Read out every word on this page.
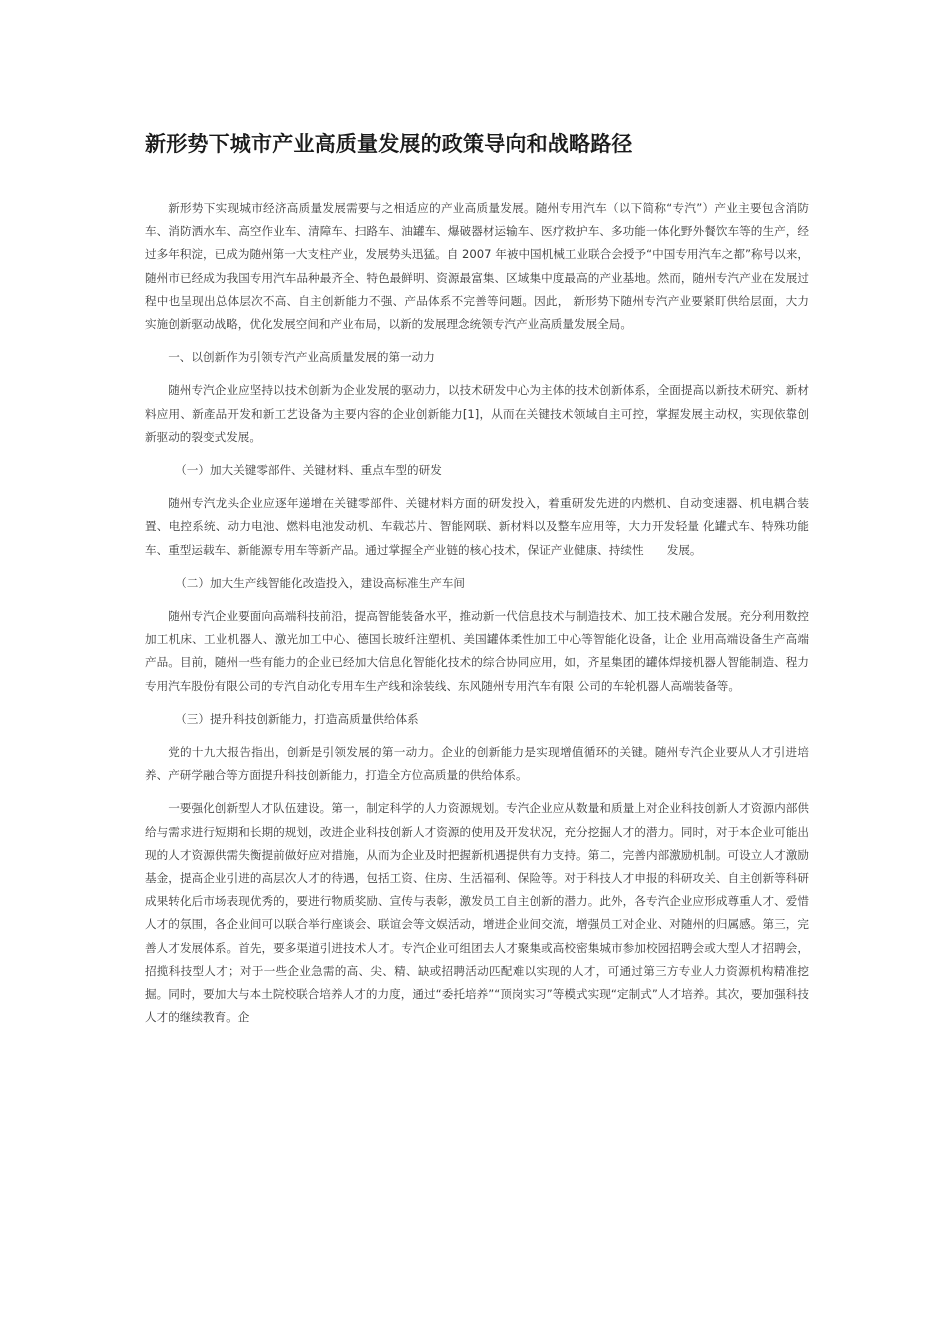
新形势下城市产业高质量发展的政策导向和战略路径

新形势下实现城市经济高质量发展需要与之相适应的产业高质量发展。随州专用汽车（以下简称“专汽”）产业主要包含消防车、消防洒水车、高空作业车、清障车、扫路车、油罐车、爆破器材运输车、医疗救护车、多功能一体化野外餐饮车等的生产，经过多年积淀，已成为随州第一大支柱产业，发展势头迅猛。自 2007 年被中国机械工业联合会授予“中国专用汽车之都”称号以来，随州市已经成为我国专用汽车品种最齐全、特色最鲜明、资源最富集、区域集中度最高的产业基地。然而，随州专汽产业在发展过程中也呈现出总体层次不高、自主创新能力不强、产品体系不完善等问题。因此， 新形势下随州专汽产业要紧盯供给层面，大力实施创新驱动战略，优化发展空间和产业布局，以新的发展理念统领专汽产业高质量发展全局。

一、以创新作为引领专汽产业高质量发展的第一动力

随州专汽企业应坚持以技术创新为企业发展的驱动力，以技术研发中心为主体的技术创新体系，全面提高以新技术研究、新材料应用、新產品开发和新工艺设备为主要内容的企业创新能力[1]，从而在关键技术领域自主可控，掌握发展主动权，实现依靠创新驱动的裂变式发展。

（一）加大关键零部件、关键材料、重点车型的研发

随州专汽龙头企业应逐年递增在关键零部件、关键材料方面的研发投入，着重研发先进的内燃机、自动变速器、机电耦合装置、电控系统、动力电池、燃料电池发动机、车载芯片、智能网联、新材料以及整车应用等，大力开发轻量 化罐式车、特殊功能车、重型运载车、新能源专用车等新产品。通过掌握全产业链的核心技术，保证产业健康、持续性　　发展。

（二）加大生产线智能化改造投入，建设高标准生产车间

随州专汽企业要面向高端科技前沿，提高智能装备水平，推动新一代信息技术与制造技术、加工技术融合发展。充分利用数控加工机床、工业机器人、激光加工中心、德国长玻纤注塑机、美国罐体柔性加工中心等智能化设备，让企 业用高端设备生产高端产品。目前，随州一些有能力的企业已经加大信息化智能化技术的综合协同应用，如，齐星集团的罐体焊接机器人智能制造、程力专用汽车股份有限公司的专汽自动化专用车生产线和涂装线、东风随州专用汽车有限 公司的车轮机器人高端装备等。

（三）提升科技创新能力，打造高质量供给体系

党的十九大报告指出，创新是引领发展的第一动力。企业的创新能力是实现增值循环的关键。随州专汽企业要从人才引进培养、产研学融合等方面提升科技创新能力，打造全方位高质量的供给体系。

一要强化创新型人才队伍建设。第一，制定科学的人力资源规划。专汽企业应从数量和质量上对企业科技创新人才资源内部供给与需求进行短期和长期的规划，改进企业科技创新人才资源的使用及开发状况，充分挖掘人才的潜力。同时，对于本企业可能出现的人才资源供需失衡提前做好应对措施，从而为企业及时把握新机遇提供有力支持。第二，完善内部激励机制。可设立人才激励基金，提高企业引进的高层次人才的待遇，包括工资、住房、生活福利、保险等。对于科技人才申报的科研攻关、自主创新等科研成果转化后市场表现优秀的，要进行物质奖励、宣传与表彰，激发员工自主创新的潜力。此外，各专汽企业应形成尊重人才、爱惜人才的氛围，各企业间可以联合举行座谈会、联谊会等文娱活动，增进企业间交流，增强员工对企业、对随州的归属感。第三，完善人才发展体系。首先，要多渠道引进技术人才。专汽企业可组团去人才聚集或高校密集城市参加校园招聘会或大型人才招聘会，招揽科技型人才；对于一些企业急需的高、尖、精、缺或招聘活动匹配难以实现的人才，可通过第三方专业人力资源机构精准挖掘。同时，要加大与本土院校联合培养人才的力度，通过“委托培养”“顶岗实习”等模式实现“定制式”人才培养。其次，要加强科技人才的继续教育。企
